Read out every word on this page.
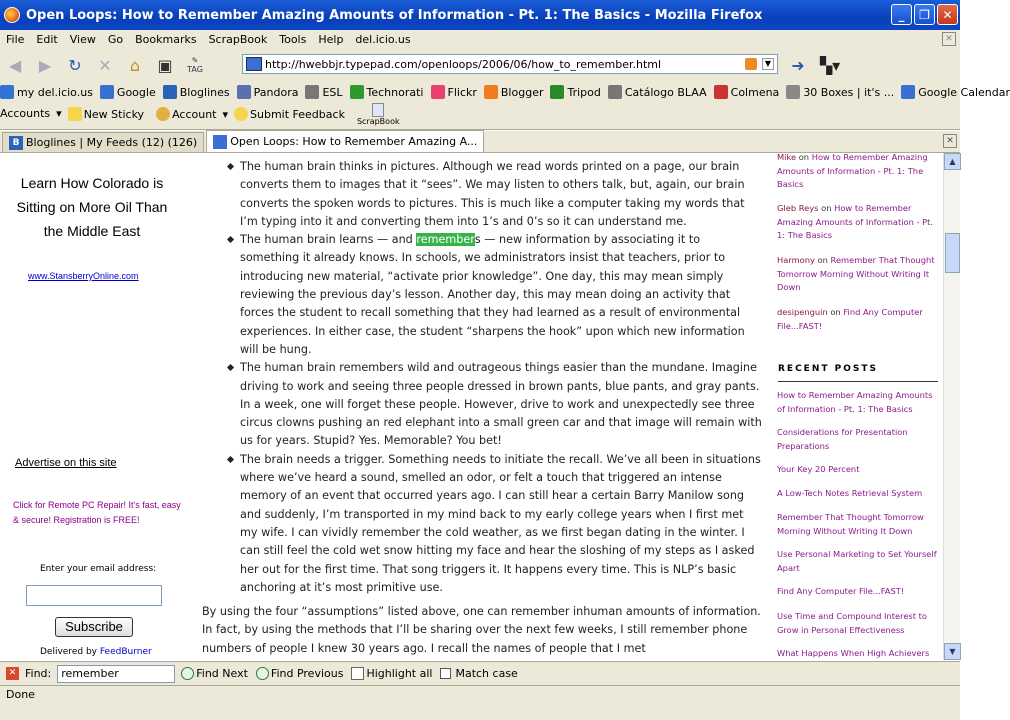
Open Loops: How to Remember Amazing Amounts of Information - Pt. 1: The Basics - Mozilla Firefox	_	❐	✕
File	Edit	View	Go	Bookmarks	ScrapBook	Tools	Help	del.icio.us	✕
◀ ▶ ↻ ✕ ⌂ ▣ ✎
TAG	http://hwebbjr.typepad.com/openloops/2006/06/how_to_remember.html	▼ ➜ ▚▾
my del.icio.us Google Bloglines Pandora ESL Technorati Flickr Blogger Tripod Catálogo BLAA Colmena 30 Boxes | it's ... Google Calendar
Accounts ▾ New Sticky	Account ▾ Submit Feedback
ScrapBook
B Bloglines | My Feeds (12) (126)	Open Loops: How to Remember Amazing A...	✕
Learn How Colorado is Sitting on More Oil Than the Middle East
www.StansberryOnline.com
Advertise on this site
Click for Remote PC Repair! It's fast, easy & secure! Registration is FREE!
Enter your email address:
Subscribe
Delivered by FeedBurner
The human brain thinks in pictures. Although we read words printed on a page, our brain converts them to images that it “sees”. We may listen to others talk, but, again, our brain converts the spoken words to pictures. This is much like a computer taking my words that I’m typing into it and converting them into 1’s and 0’s so it can understand me.
The human brain learns — and remembers — new information by associating it to something it already knows. In schools, we administrators insist that teachers, prior to introducing new material, “activate prior knowledge”. One day, this may mean simply reviewing the previous day’s lesson. Another day, this may mean doing an activity that forces the student to recall something that they had learned as a result of environmental experiences. In either case, the student “sharpens the hook” upon which new information will be hung.
The human brain remembers wild and outrageous things easier than the mundane. Imagine driving to work and seeing three people dressed in brown pants, blue pants, and gray pants. In a week, one will forget these people. However, drive to work and unexpectedly see three circus clowns pushing an red elephant into a small green car and that image will remain with us for years. Stupid? Yes. Memorable? You bet!
The brain needs a trigger. Something needs to initiate the recall. We’ve all been in situations where we’ve heard a sound, smelled an odor, or felt a touch that triggered an intense memory of an event that occurred years ago. I can still hear a certain Barry Manilow song and suddenly, I’m transported in my mind back to my early college years when I first met my wife. I can vividly remember the cold weather, as we first began dating in the winter. I can still feel the cold wet snow hitting my face and hear the sloshing of my steps as I asked her out for the first time. That song triggers it. It happens every time. This is NLP’s basic anchoring at it’s most primitive use.

By using the four “assumptions” listed above, one can remember inhuman amounts of information. In fact, by using the methods that I’ll be sharing over the next few weeks, I still remember phone numbers of people I knew 30 years ago. I recall the names of people that I met

Mike on How to Remember Amazing Amounts of Information - Pt. 1: The Basics
Gleb Reys on How to Remember Amazing Amounts of Information - Pt. 1: The Basics
Harmony on Remember That Thought Tomorrow Morning Without Writing It Down
desipenguin on Find Any Computer File...FAST!
RECENT POSTS
How to Remember Amazing Amounts of Information - Pt. 1: The Basics
Considerations for Presentation Preparations
Your Key 20 Percent
A Low-Tech Notes Retrieval System
Remember That Thought Tomorrow Morning Without Writing It Down
Use Personal Marketing to Set Yourself Apart
Find Any Computer File...FAST!
Use Time and Compound Interest to Grow in Personal Effectiveness
What Happens When High Achievers
▲
▼
✕ Find: remember	Find Next Find Previous Highlight all Match case
Done
